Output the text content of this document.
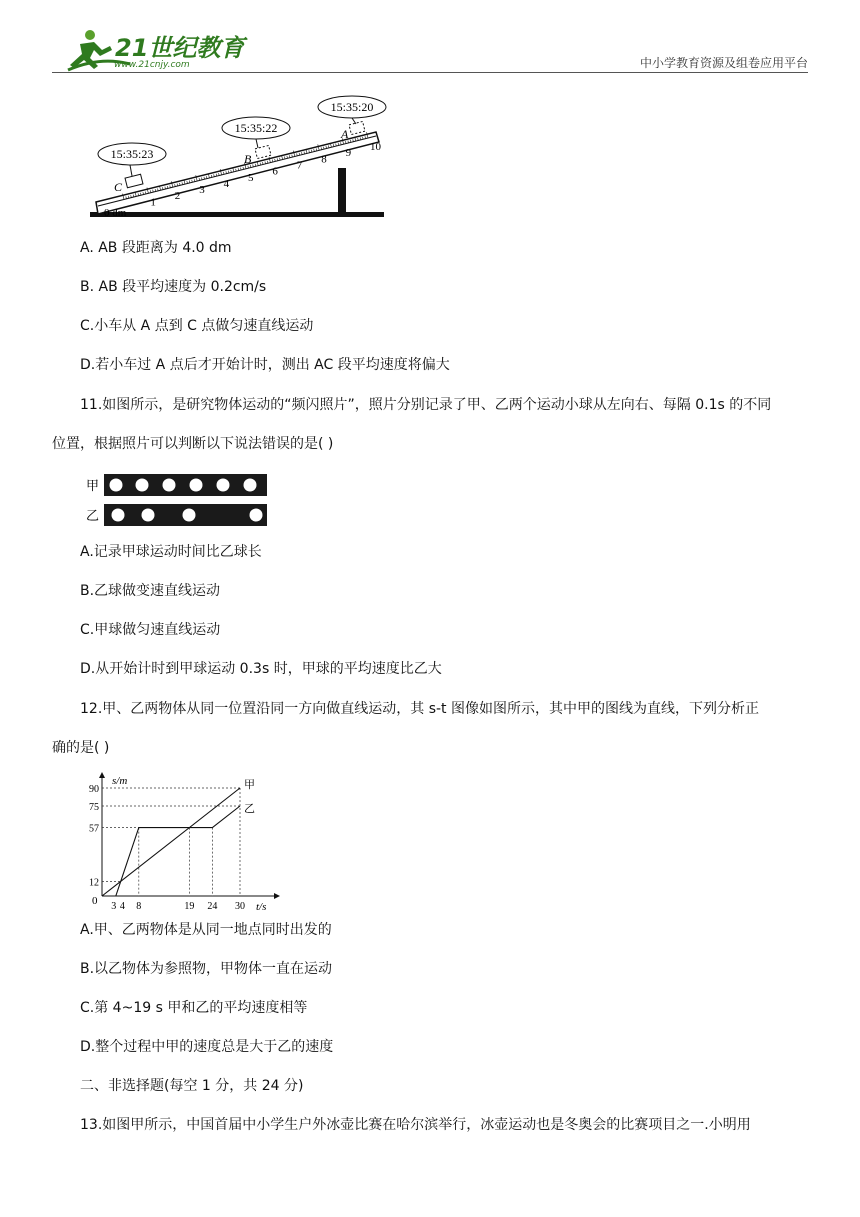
21世纪教育
www.21cnjy.com	中小学教育资源及组卷应用平台
1
2
3
4
5
6
7
8
9
10
0 dm
C
B
A
15:35:23
15:35:22
15:35:20
A. AB 段距离为 4.0 dm
B. AB 段平均速度为 0.2cm/s
C.小车从 A 点到 C 点做匀速直线运动
D.若小车过 A 点后才开始计时，测出 AC 段平均速度将偏大
11.如图所示，是研究物体运动的“频闪照片”，照片分别记录了甲、乙两个运动小球从左向右、每隔 0.1s 的不同
位置，根据照片可以判断以下说法错误的是( )
甲
乙
A.记录甲球运动时间比乙球长
B.乙球做变速直线运动
C.甲球做匀速直线运动
D.从开始计时到甲球运动 0.3s 时，甲球的平均速度比乙大
12.甲、乙两物体从同一位置沿同一方向做直线运动，其 s-t 图像如图所示，其中甲的图线为直线，下列分析正
确的是( )
s/m
t/s
0
12
57
75
90
3 4 8	19 24 30
甲
乙
A.甲、乙两物体是从同一地点同时出发的
B.以乙物体为参照物，甲物体一直在运动
C.第 4~19 s 甲和乙的平均速度相等
D.整个过程中甲的速度总是大于乙的速度
二、非选择题(每空 1 分，共 24 分)
13.如图甲所示，中国首届中小学生户外冰壶比赛在哈尔滨举行，冰壶运动也是冬奥会的比赛项目之一.小明用
